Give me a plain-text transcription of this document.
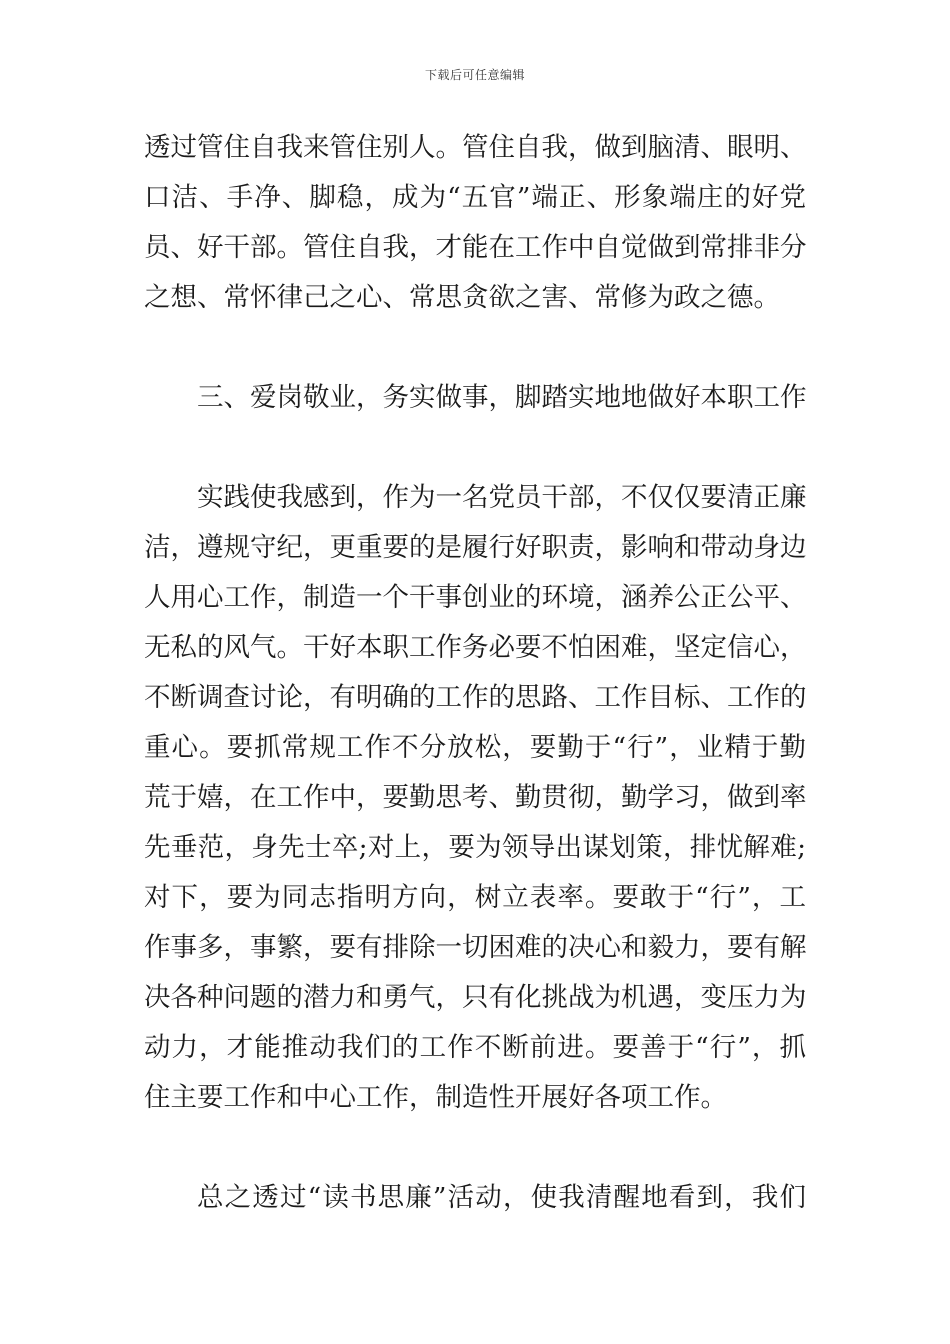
下载后可任意编辑
透过管住自我来管住别人。管住自我，做到脑清、眼明、
口洁、手净、脚稳，成为“五官”端正、形象端庄的好党
员、好干部。管住自我，才能在工作中自觉做到常排非分
之想、常怀律己之心、常思贪欲之害、常修为政之德。
三、爱岗敬业，务实做事，脚踏实地地做好本职工作
实践使我感到，作为一名党员干部，不仅仅要清正廉
洁，遵规守纪，更重要的是履行好职责，影响和带动身边
人用心工作，制造一个干事创业的环境，涵养公正公平、
无私的风气。干好本职工作务必要不怕困难，坚定信心，
不断调查讨论，有明确的工作的思路、工作目标、工作的
重心。要抓常规工作不分放松，要勤于“行”，业精于勤
荒于嬉，在工作中，要勤思考、勤贯彻，勤学习，做到率
先垂范，身先士卒;对上，要为领导出谋划策，排忧解难;
对下，要为同志指明方向，树立表率。要敢于“行”，工
作事多，事繁，要有排除一切困难的决心和毅力，要有解
决各种问题的潜力和勇气，只有化挑战为机遇，变压力为
动力，才能推动我们的工作不断前进。要善于“行”，抓
住主要工作和中心工作，制造性开展好各项工作。
总之透过“读书思廉”活动，使我清醒地看到，我们
